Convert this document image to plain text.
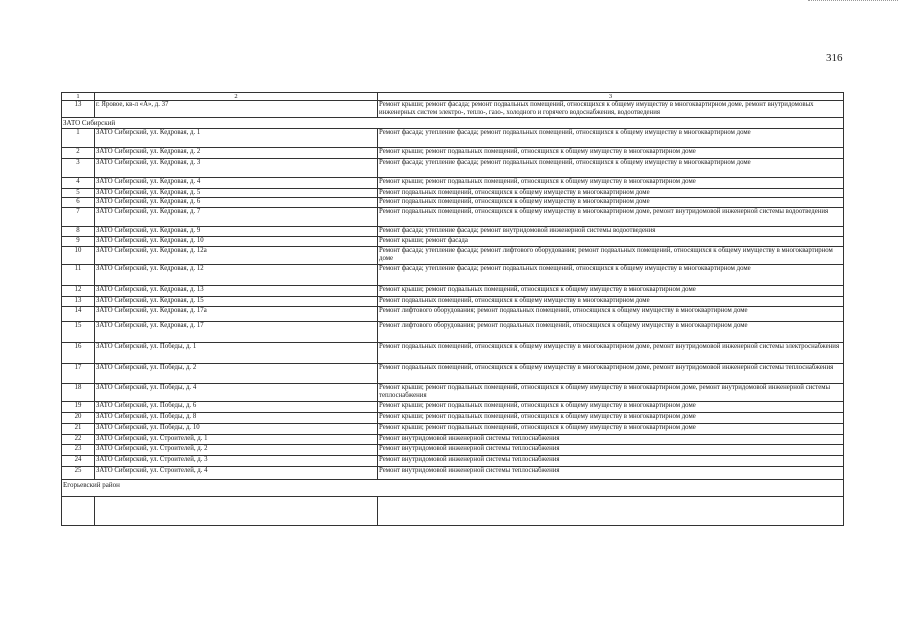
316
1	2	3
13	г. Яровое, кв-л «А», д. 37	Ремонт крыши; ремонт фасада; ремонт подвальных помещений, относящихся к общему имуществу в многоквартирном доме, ремонт внутридомовых инженерных систем электро-, тепло-, газо-, холодного и горячего водоснабжения, водоотведения
ЗАТО Сибирский		
1	ЗАТО Сибирский, ул. Кедровая, д. 1	Ремонт фасада; утепление фасада; ремонт подвальных помещений, относящихся к общему имуществу в многоквартирном доме
2	ЗАТО Сибирский, ул. Кедровая, д. 2	Ремонт крыши; ремонт подвальных помещений, относящихся к общему имуществу в многоквартирном доме
3	ЗАТО Сибирский, ул. Кедровая, д. 3	Ремонт фасада; утепление фасада; ремонт подвальных помещений, относящихся к общему имуществу в многоквартирном доме
4	ЗАТО Сибирский, ул. Кедровая, д. 4	Ремонт крыши; ремонт подвальных помещений, относящихся к общему имуществу в многоквартирном доме
5	ЗАТО Сибирский, ул. Кедровая, д. 5	Ремонт подвальных помещений, относящихся к общему имуществу в многоквартирном доме
6	ЗАТО Сибирский, ул. Кедровая, д. 6	Ремонт подвальных помещений, относящихся к общему имуществу в многоквартирном доме
7	ЗАТО Сибирский, ул. Кедровая, д. 7	Ремонт подвальных помещений, относящихся к общему имуществу в многоквартирном доме, ремонт внутридомовой инженерной системы водоотведения
8	ЗАТО Сибирский, ул. Кедровая, д. 9	Ремонт фасада; утепление фасада; ремонт внутридомовой инженерной системы водоотведения
9	ЗАТО Сибирский, ул. Кедровая, д. 10	Ремонт крыши; ремонт фасада
10	ЗАТО Сибирский, ул. Кедровая, д. 12а	Ремонт фасада; утепление фасада; ремонт лифтового оборудования; ремонт подвальных помещений, относящихся к общему имуществу в многоквартирном доме
11	ЗАТО Сибирский, ул. Кедровая, д. 12	Ремонт фасада; утепление фасада; ремонт подвальных помещений, относящихся к общему имуществу в многоквартирном доме
12	ЗАТО Сибирский, ул. Кедровая, д. 13	Ремонт крыши; ремонт подвальных помещений, относящихся к общему имуществу в многоквартирном доме
13	ЗАТО Сибирский, ул. Кедровая, д. 15	Ремонт подвальных помещений, относящихся к общему имуществу в многоквартирном доме
14	ЗАТО Сибирский, ул. Кедровая, д. 17а	Ремонт лифтового оборудования; ремонт подвальных помещений, относящихся к общему имуществу в многоквартирном доме
15	ЗАТО Сибирский, ул. Кедровая, д. 17	Ремонт лифтового оборудования; ремонт подвальных помещений, относящихся к общему имуществу в многоквартирном доме
16	ЗАТО Сибирский, ул. Победы, д. 1	Ремонт подвальных помещений, относящихся к общему имуществу в многоквартирном доме, ремонт внутридомовой инженерной системы электроснабжения
17	ЗАТО Сибирский, ул. Победы, д. 2	Ремонт подвальных помещений, относящихся к общему имуществу в многоквартирном доме, ремонт внутридомовой инженерной системы теплоснабжения
18	ЗАТО Сибирский, ул. Победы, д. 4	Ремонт крыши; ремонт подвальных помещений, относящихся к общему имуществу в многоквартирном доме, ремонт внутридомовой инженерной системы теплоснабжения
19	ЗАТО Сибирский, ул. Победы, д. 6	Ремонт крыши; ремонт подвальных помещений, относящихся к общему имуществу в многоквартирном доме
20	ЗАТО Сибирский, ул. Победы, д. 8	Ремонт крыши; ремонт подвальных помещений, относящихся к общему имуществу в многоквартирном доме
21	ЗАТО Сибирский, ул. Победы, д. 10	Ремонт крыши; ремонт подвальных помещений, относящихся к общему имуществу в многоквартирном доме
22	ЗАТО Сибирский, ул. Строителей, д. 1	Ремонт внутридомовой инженерной системы теплоснабжения
23	ЗАТО Сибирский, ул. Строителей, д. 2	Ремонт внутридомовой инженерной системы теплоснабжения
24	ЗАТО Сибирский, ул. Строителей, д. 3	Ремонт внутридомовой инженерной системы теплоснабжения
25	ЗАТО Сибирский, ул. Строителей, д. 4	Ремонт внутридомовой инженерной системы теплоснабжения
Егорьевский район		
